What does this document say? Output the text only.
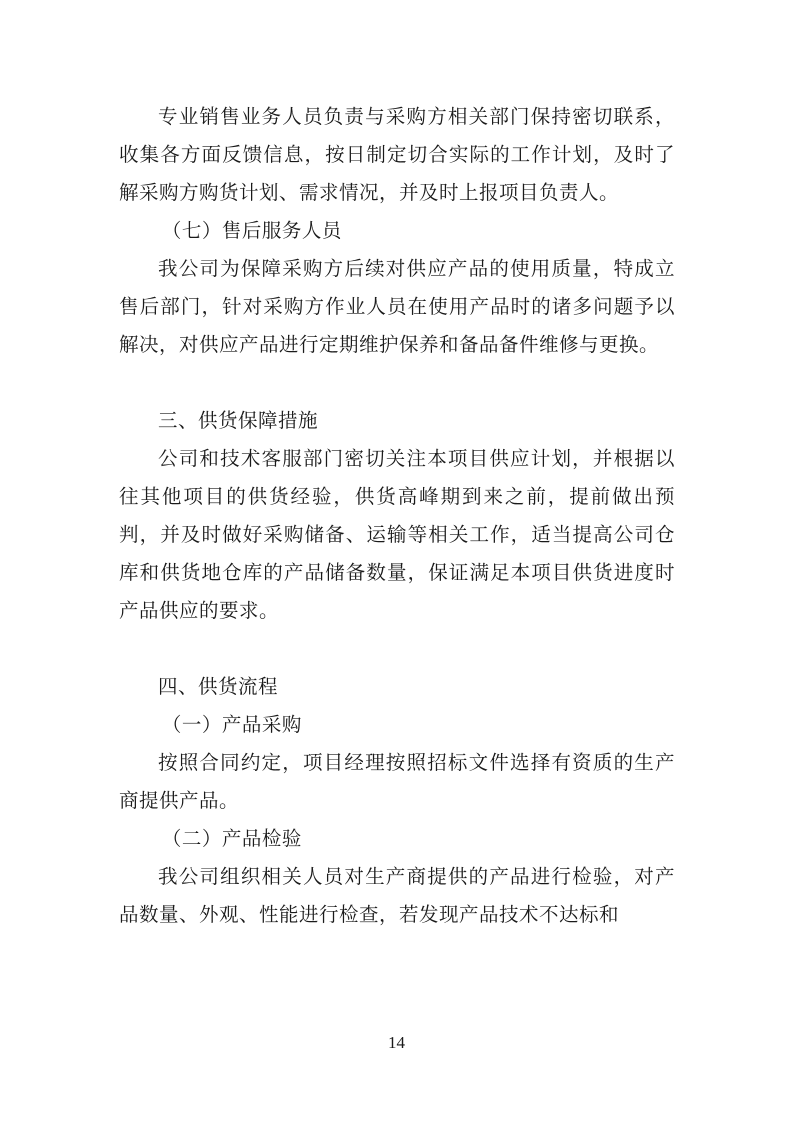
专业销售业务人员负责与采购方相关部门保持密切联系，收集各方面反馈信息，按日制定切合实际的工作计划，及时了解采购方购货计划、需求情况，并及时上报项目负责人。

（七）售后服务人员

我公司为保障采购方后续对供应产品的使用质量，特成立售后部门，针对采购方作业人员在使用产品时的诸多问题予以解决，对供应产品进行定期维护保养和备品备件维修与更换。

三、供货保障措施

公司和技术客服部门密切关注本项目供应计划，并根据以往其他项目的供货经验，供货高峰期到来之前，提前做出预判，并及时做好采购储备、运输等相关工作，适当提高公司仓库和供货地仓库的产品储备数量，保证满足本项目供货进度时产品供应的要求。

四、供货流程

（一）产品采购

按照合同约定，项目经理按照招标文件选择有资质的生产商提供产品。

（二）产品检验

我公司组织相关人员对生产商提供的产品进行检验，对产品数量、外观、性能进行检查，若发现产品技术不达标和

14
